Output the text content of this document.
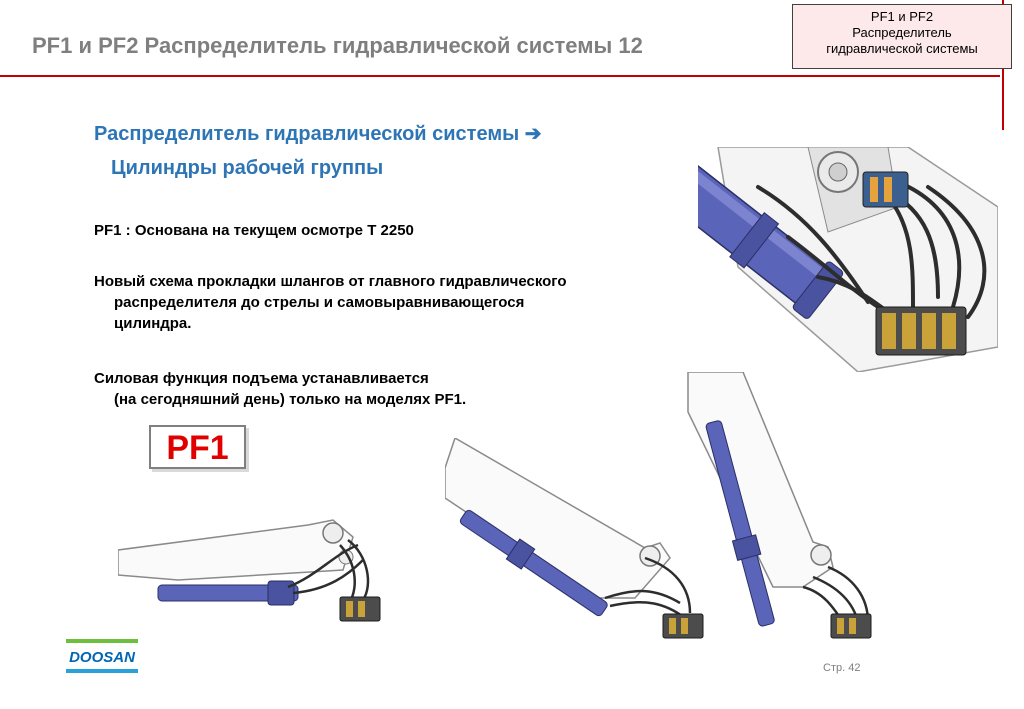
PF1 и PF2 Распределитель гидравлической системы 12
PF1 и PF2
Распределитель
гидравлической системы
Распределитель гидравлической системы ➔
Цилиндры рабочей группы
PF1 : Основана на текущем осмотре T 2250
Новый схема прокладки шлангов от главного гидравлического
распределителя до стрелы и самовыравнивающегося
цилиндра.
Силовая функция подъема устанавливается
(на сегодняшний день) только на моделях PF1.
PF1
DOOSAN
Стр. 42
